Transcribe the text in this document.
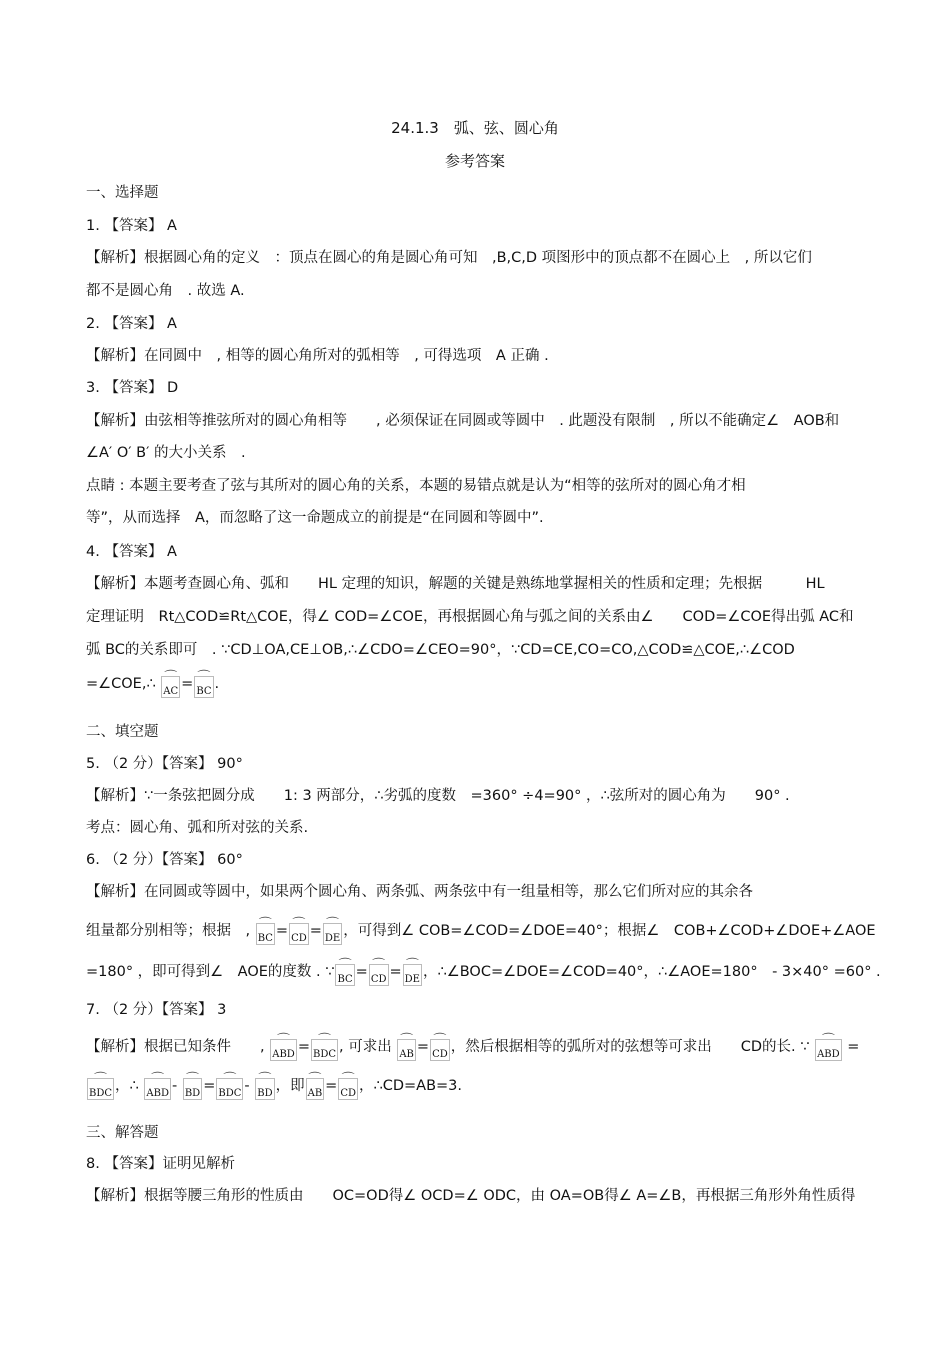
24.1.3　弧、弦、圆心角
参考答案
一、选择题
1. 【答案】 A
【解析】根据圆心角的定义　：顶点在圆心的角是圆心角可知　,B,C,D 项图形中的顶点都不在圆心上　, 所以它们
都不是圆心角　. 故选 A.
2. 【答案】 A
【解析】在同圆中　, 相等的圆心角所对的弧相等　, 可得选项　A 正确 .
3. 【答案】 D
【解析】由弦相等推弦所对的圆心角相等　　, 必须保证在同圆或等圆中　. 此题没有限制　, 所以不能确定∠　AOB和
∠A′ O′ B′ 的大小关系　.
点睛 : 本题主要考查了弦与其所对的圆心角的关系，本题的易错点就是认为“相等的弦所对的圆心角才相
等”，从而选择　A，而忽略了这一命题成立的前提是“在同圆和等圆中”.
4. 【答案】 A
【解析】本题考查圆心角、弧和　　HL 定理的知识，解题的关键是熟练地掌握相关的性质和定理；先根据　　　HL
定理证明　Rt△COD≌Rt△COE，得∠ COD=∠COE，再根据圆心角与弧之间的关系由∠　　COD=∠COE得出弧 AC和
弧 BC的关系即可　. ∵CD⊥OA,CE⊥OB,∴∠CDO=∠CEO=90°，∵CD=CE,CO=CO,△COD≌△COE,∴∠COD
=∠COE,∴ ⌒ AC = ⌒ BC .
二、填空题
5. （2 分）【答案】 90°
【解析】∵一条弦把圆分成　　1: 3 两部分，∴劣弧的度数　=360° ÷4=90° ，∴弦所对的圆心角为　　90° .
考点：圆心角、弧和所对弦的关系.
6. （2 分）【答案】 60°
【解析】在同圆或等圆中，如果两个圆心角、两条弧、两条弦中有一组量相等，那么它们所对应的其余各
组量都分别相等；根据　, ⌒ BC = ⌒ CD = ⌒ DE ，可得到∠ COB=∠COD=∠DOE=40°；根据∠　COB+∠COD+∠DOE+∠AOE
=180° ，即可得到∠　AOE的度数 . ∵ ⌒ BC = ⌒ CD = ⌒ DE ，∴∠BOC=∠DOE=∠COD=40°，∴∠AOE=180°　- 3×40° =60° .
7. （2 分）【答案】 3
【解析】根据已知条件　　, ⌒ ABD = ⌒ BDC , 可求出 ⌒ AB = ⌒ CD ，然后根据相等的弧所对的弦想等可求出　　CD的长. ∵ ⌒ ABD =
⌒ BDC ，∴ ⌒ ABD - ⌒ BD = ⌒ BDC - ⌒ BD ，即 ⌒ AB = ⌒ CD ，∴CD=AB=3.
三、解答题
8. 【答案】证明见解析
【解析】根据等腰三角形的性质由　　OC=OD得∠ OCD=∠ ODC，由 OA=OB得∠ A=∠B，再根据三角形外角性质得
